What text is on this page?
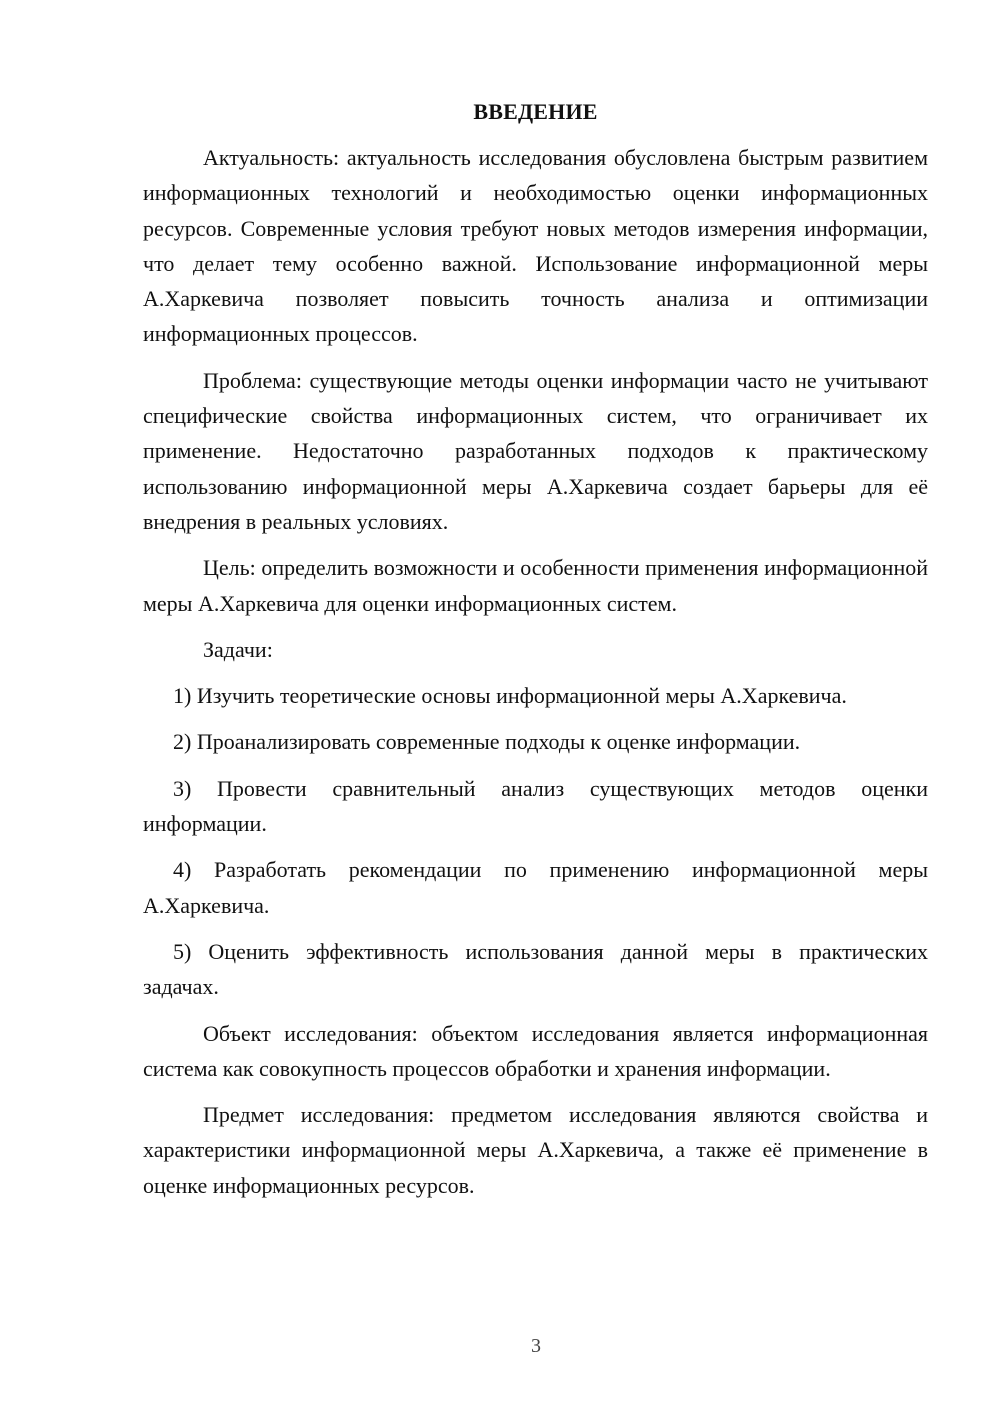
ВВЕДЕНИЕ

Актуальность: актуальность исследования обусловлена быстрым развитием информационных технологий и необходимостью оценки информационных ресурсов. Современные условия требуют новых методов измерения информации, что делает тему особенно важной. Использование информационной меры А.Харкевича позволяет повысить точность анализа и оптимизации информационных процессов.

Проблема: существующие методы оценки информации часто не учитывают специфические свойства информационных систем, что ограничивает их применение. Недостаточно разработанных подходов к практическому использованию информационной меры А.Харкевича создает барьеры для её внедрения в реальных условиях.

Цель: определить возможности и особенности применения информационной меры А.Харкевича для оценки информационных систем.

Задачи:

1) Изучить теоретические основы информационной меры А.Харкевича.

2) Проанализировать современные подходы к оценке информации.

3) Провести сравнительный анализ существующих методов оценки информации.

4) Разработать рекомендации по применению информационной меры А.Харкевича.

5) Оценить эффективность использования данной меры в практических задачах.

Объект исследования: объектом исследования является информационная система как совокупность процессов обработки и хранения информации.

Предмет исследования: предметом исследования являются свойства и характеристики информационной меры А.Харкевича, а также её применение в оценке информационных ресурсов.

3
